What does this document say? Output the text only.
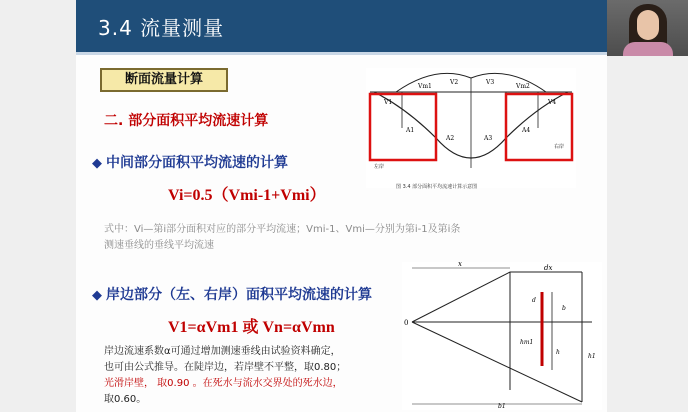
3.4 流量测量
断面流量计算
二. 部分面积平均流速计算
◆ 中间部分面积平均流速的计算
Vi=0.5（Vmi-1+Vmi）
式中：Vi—第i部分面积对应的部分平均流速；Vmi-1、Vmi—分别为第i-1及第i条
测速垂线的垂线平均流速
◆ 岸边部分（左、右岸）面积平均流速的计算
V1=αVm1 或 Vn=αVmn
岸边流速系数α可通过增加测速垂线由试验资料确定，
也可由公式推导。在陡岸边，若岸壁不平整，取0.80；
光滑岸壁， 取0.90 。在死水与流水交界处的死水边，
取0.60。
V1
Vm1
V2	V3
Vm2
V4
A1
A2	A3
A4
左岸
右岸
图 3.4 部分面积平均流速计算示意图
x	dx
0
h1
hm1
b1
h
b
d
